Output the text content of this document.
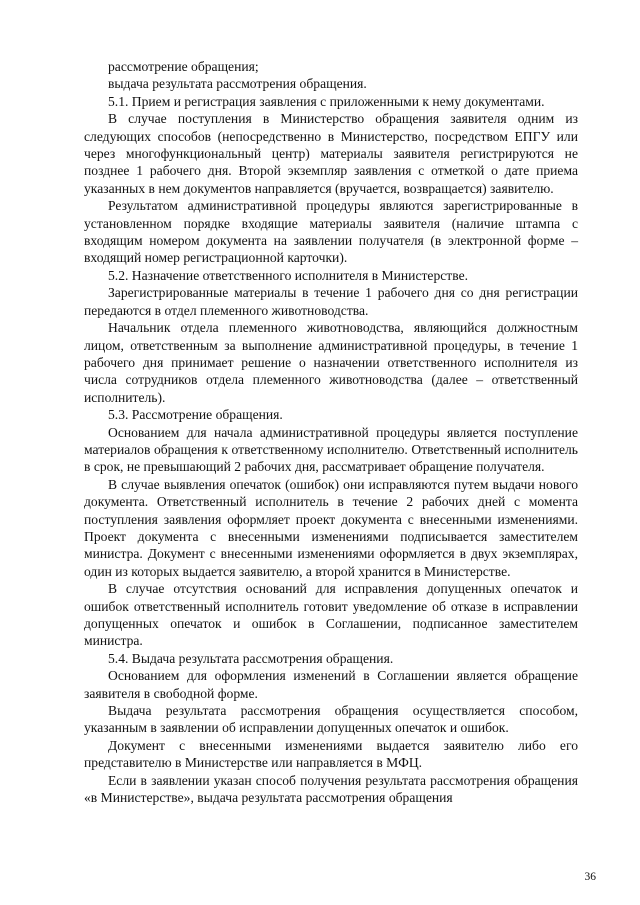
рассмотрение обращения;

выдача результата рассмотрения обращения.

5.1. Прием и регистрация заявления с приложенными к нему документами.

В случае поступления в Министерство обращения заявителя одним из следующих способов (непосредственно в Министерство, посредством ЕПГУ или через многофункциональный центр) материалы заявителя регистрируются не позднее 1 рабочего дня. Второй экземпляр заявления с отметкой о дате приема указанных в нем документов направляется (вручается, возвращается) заявителю.

Результатом административной процедуры являются зарегистрированные в установленном порядке входящие материалы заявителя (наличие штампа с входящим номером документа на заявлении получателя (в электронной форме – входящий номер регистрационной карточки).

5.2. Назначение ответственного исполнителя в Министерстве.

Зарегистрированные материалы в течение 1 рабочего дня со дня регистрации передаются в отдел племенного животноводства.

Начальник отдела племенного животноводства, являющийся должностным лицом, ответственным за выполнение административной процедуры, в течение 1 рабочего дня принимает решение о назначении ответственного исполнителя из числа сотрудников отдела племенного животноводства (далее – ответственный исполнитель).

5.3. Рассмотрение обращения.

Основанием для начала административной процедуры является поступление материалов обращения к ответственному исполнителю. Ответственный исполнитель в срок, не превышающий 2 рабочих дня, рассматривает обращение получателя.

В случае выявления опечаток (ошибок) они исправляются путем выдачи нового документа. Ответственный исполнитель в течение 2 рабочих дней с момента поступления заявления оформляет проект документа с внесенными изменениями. Проект документа с внесенными изменениями подписывается заместителем министра. Документ с внесенными изменениями оформляется в двух экземплярах, один из которых выдается заявителю, а второй хранится в Министерстве.

В случае отсутствия оснований для исправления допущенных опечаток и ошибок ответственный исполнитель готовит уведомление об отказе в исправлении допущенных опечаток и ошибок в Соглашении, подписанное заместителем министра.

5.4. Выдача результата рассмотрения обращения.

Основанием для оформления изменений в Соглашении является обращение заявителя в свободной форме.

Выдача результата рассмотрения обращения осуществляется способом, указанным в заявлении об исправлении допущенных опечаток и ошибок.

Документ с внесенными изменениями выдается заявителю либо его представителю в Министерстве или направляется в МФЦ.

Если в заявлении указан способ получения результата рассмотрения обращения «в Министерстве», выдача результата рассмотрения обращения

36
